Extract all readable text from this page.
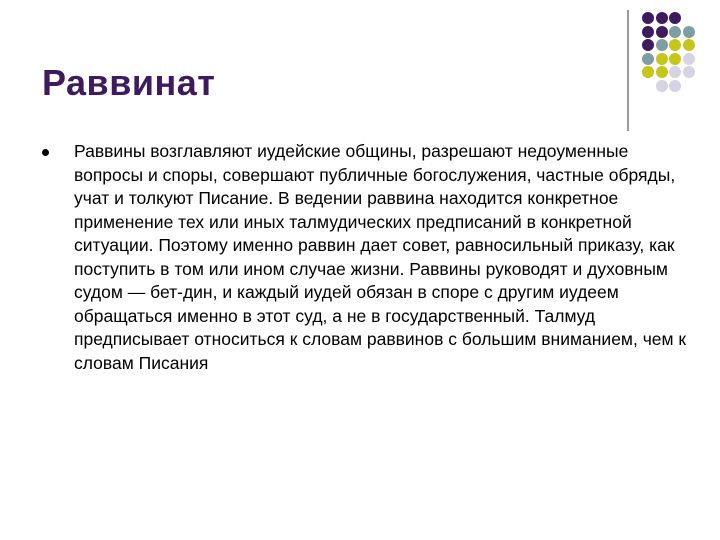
Раввинат
Раввины возглавляют иудейские общины, разрешают недоуменные вопросы и споры, совершают публичные богослужения, частные обряды, учат и толкуют Писание. В ведении раввина находится конкретное применение тех или иных талмудических предписаний в конкретной ситуации. Поэтому именно раввин дает совет, равносильный приказу, как поступить в том или ином случае жизни. Раввины руководят и духовным судом — бет-дин, и каждый иудей обязан в споре с другим иудеем обращаться именно в этот суд, а не в государственный. Талмуд предписывает относиться к словам раввинов с большим вниманием, чем к словам Писания
